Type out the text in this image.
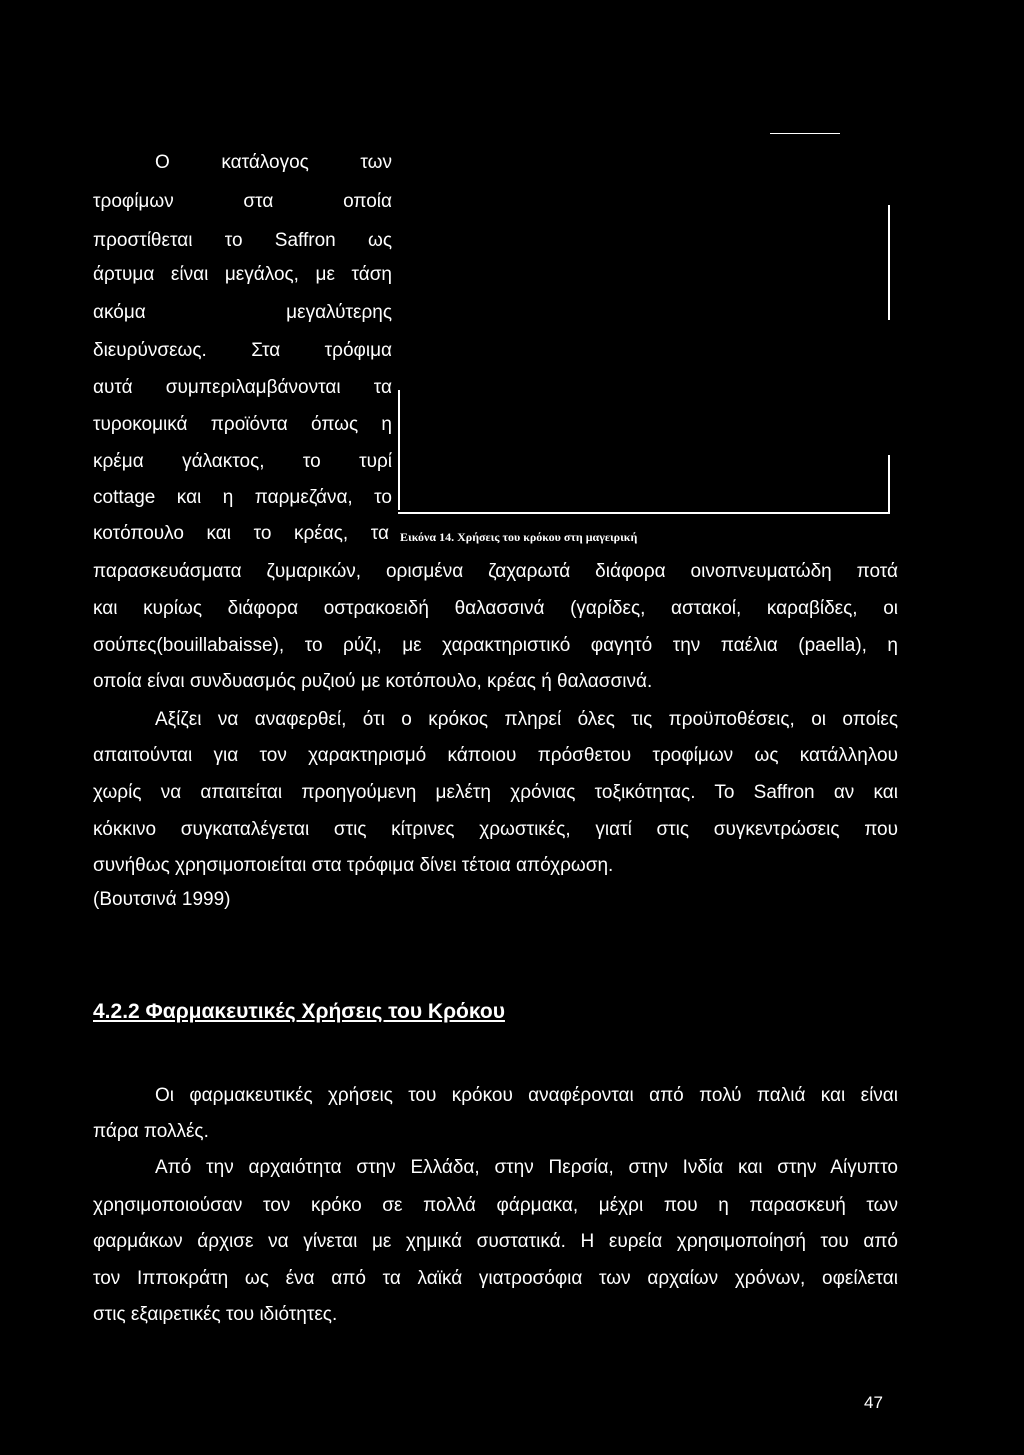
Ο κατάλογος των
τροφίμων στα οποία
προστίθεται το Saffron ως
άρτυμα είναι μεγάλος, με τάση
ακόμα μεγαλύτερης
διευρύνσεως. Στα τρόφιμα
αυτά συμπεριλαμβάνονται τα
τυροκομικά προϊόντα όπως η
κρέμα γάλακτος, το τυρί
cottage και η παρμεζάνα, το
κοτόπουλο και το κρέας, τα Εικόνα 14. Χρήσεις του κρόκου στη μαγειρική
παρασκευάσματα ζυμαρικών, ορισμένα ζαχαρωτά διάφορα οινοπνευματώδη ποτά
και κυρίως διάφορα οστρακοειδή θαλασσινά (γαρίδες, αστακοί, καραβίδες, οι
σούπες(bouillabaisse), το ρύζι, με χαρακτηριστικό φαγητό την παέλια (paella), η
οποία είναι συνδυασμός ρυζιού με κοτόπουλο, κρέας ή θαλασσινά.
Αξίζει να αναφερθεί, ότι ο κρόκος πληρεί όλες τις προϋποθέσεις, οι οποίες
απαιτούνται για τον χαρακτηρισμό κάποιου πρόσθετου τροφίμων ως κατάλληλου
χωρίς να απαιτείται προηγούμενη μελέτη χρόνιας τοξικότητας. Το Saffron αν και
κόκκινο συγκαταλέγεται στις κίτρινες χρωστικές, γιατί στις συγκεντρώσεις που
συνήθως χρησιμοποιείται στα τρόφιμα δίνει τέτοια απόχρωση.
(Βουτσινά 1999)
4.2.2 Φαρμακευτικές Χρήσεις του Κρόκου
Οι φαρμακευτικές χρήσεις του κρόκου αναφέρονται από πολύ παλιά και είναι
πάρα πολλές.
Από την αρχαιότητα στην Ελλάδα, στην Περσία, στην Ινδία και στην Αίγυπτο
χρησιμοποιούσαν τον κρόκο σε πολλά φάρμακα, μέχρι που η παρασκευή των
φαρμάκων άρχισε να γίνεται με χημικά συστατικά. Η ευρεία χρησιμοποίησή του από
τον Ιπποκράτη ως ένα από τα λαϊκά γιατροσόφια των αρχαίων χρόνων, οφείλεται
στις εξαιρετικές του ιδιότητες.
47
